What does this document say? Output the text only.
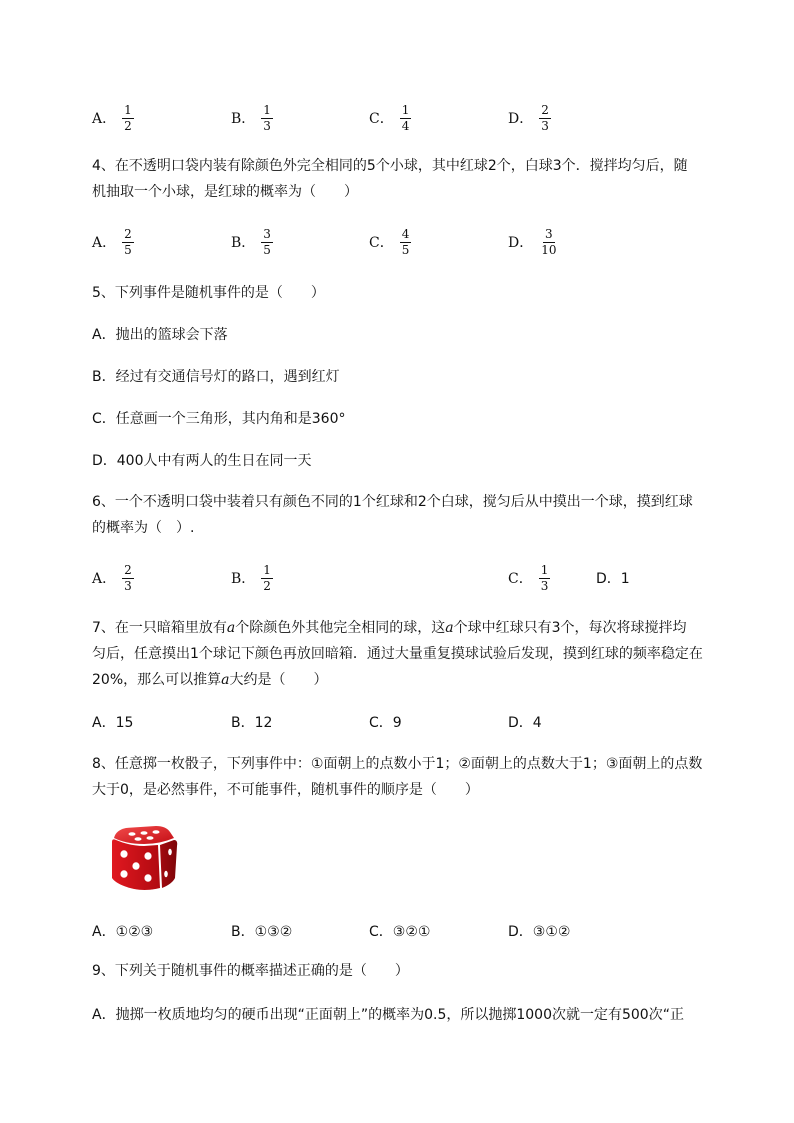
A． $\frac{1}{2}$	B． $\frac{1}{3}$	C． $\frac{1}{4}$	D． $\frac{2}{3}$
4、在不透明口袋内装有除颜色外完全相同的5个小球，其中红球2个，白球3个．搅拌均匀后，随
机抽取一个小球，是红球的概率为（　　）
A． $\frac{2}{5}$	B． $\frac{3}{5}$	C． $\frac{4}{5}$	D． $\frac{3}{10}$
5、下列事件是随机事件的是（　　）
A．抛出的篮球会下落
B．经过有交通信号灯的路口，遇到红灯
C．任意画一个三角形，其内角和是360°
D．400人中有两人的生日在同一天
6、一个不透明口袋中装着只有颜色不同的1个红球和2个白球，搅匀后从中摸出一个球，摸到红球
的概率为（　）.
A． $\frac{2}{3}$	B． $\frac{1}{2}$	C． $\frac{1}{3}$	D．1
7、在一只暗箱里放有a个除颜色外其他完全相同的球，这a个球中红球只有3个，每次将球搅拌均
匀后，任意摸出1个球记下颜色再放回暗箱．通过大量重复摸球试验后发现，摸到红球的频率稳定在
20%，那么可以推算a大约是（　　）
A．15	B．12	C．9	D．4
8、任意掷一枚骰子，下列事件中：①面朝上的点数小于1；②面朝上的点数大于1；③面朝上的点数
大于0，是必然事件，不可能事件，随机事件的顺序是（　　）
A．①②③	B．①③②	C．③②①	D．③①②
9、下列关于随机事件的概率描述正确的是（　　）
A．抛掷一枚质地均匀的硬币出现“正面朝上”的概率为0.5，所以抛掷1000次就一定有500次“正
